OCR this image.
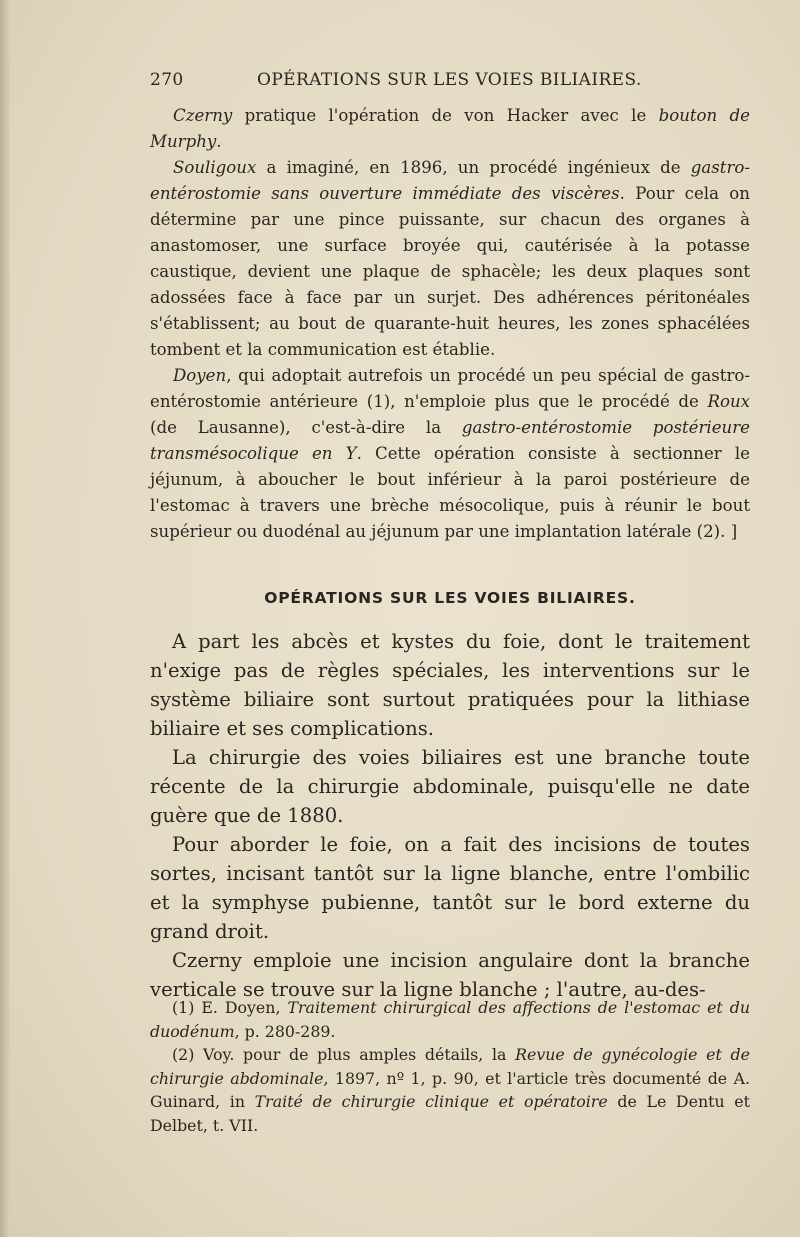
270	OPÉRATIONS SUR LES VOIES BILIAIRES.

Czerny pratique l'opération de von Hacker avec le bouton de Murphy.

Souligoux a imaginé, en 1896, un procédé ingénieux de gastro-entérostomie sans ouverture immédiate des viscères. Pour cela on détermine par une pince puissante, sur chacun des organes à anastomoser, une surface broyée qui, cautérisée à la potasse caustique, devient une plaque de sphacèle; les deux plaques sont adossées face à face par un surjet. Des adhérences péritonéales s'établissent; au bout de quarante-huit heures, les zones sphacélées tombent et la communication est établie.

Doyen, qui adoptait autrefois un procédé un peu spécial de gastro-entérostomie antérieure (1), n'emploie plus que le procédé de Roux (de Lausanne), c'est-à-dire la gastro-entérostomie postérieure transmésocolique en Y. Cette opération consiste à sectionner le jéjunum, à aboucher le bout inférieur à la paroi postérieure de l'estomac à travers une brèche mésocolique, puis à réunir le bout supérieur ou duodénal au jéjunum par une implantation latérale (2). ]

OPÉRATIONS SUR LES VOIES BILIAIRES.

A part les abcès et kystes du foie, dont le traitement n'exige pas de règles spéciales, les interventions sur le système biliaire sont surtout pratiquées pour la lithiase biliaire et ses complications.

La chirurgie des voies biliaires est une branche toute récente de la chirurgie abdominale, puisqu'elle ne date guère que de 1880.

Pour aborder le foie, on a fait des incisions de toutes sortes, incisant tantôt sur la ligne blanche, entre l'ombilic et la symphyse pubienne, tantôt sur le bord externe du grand droit.

Czerny emploie une incision angulaire dont la branche verticale se trouve sur la ligne blanche ; l'autre, au-des-

(1) E. Doyen, Traitement chirurgical des affections de l'estomac et du duodénum, p. 280-289.

(2) Voy. pour de plus amples détails, la Revue de gynécologie et de chirurgie abdominale, 1897, nº 1, p. 90, et l'article très documenté de A. Guinard, in Traité de chirurgie clinique et opératoire de Le Dentu et Delbet, t. VII.
